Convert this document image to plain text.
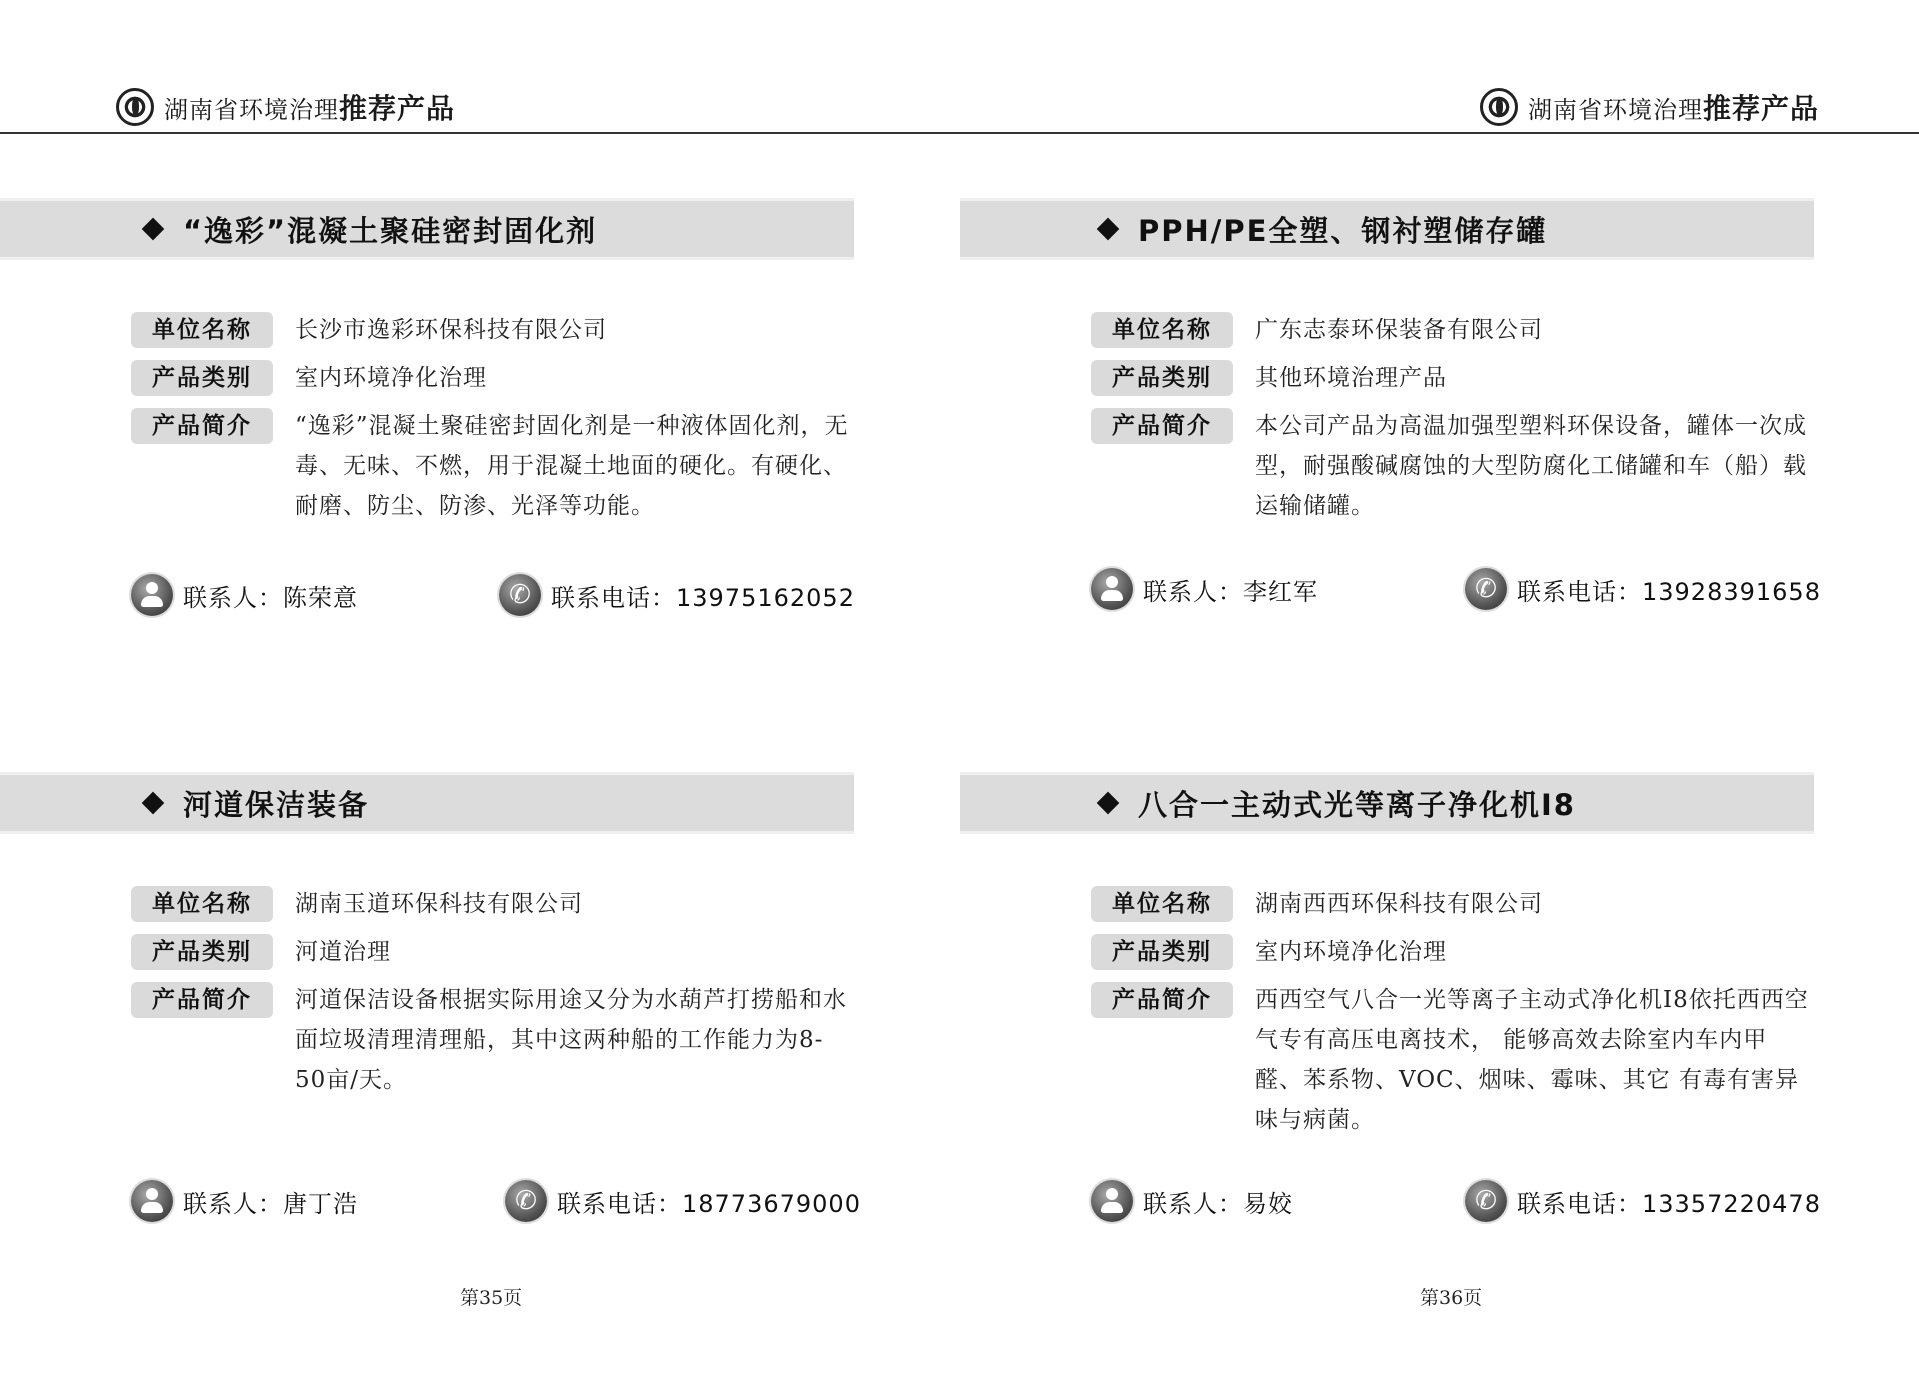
湖南省环境治理推荐产品	湖南省环境治理推荐产品
“逸彩”混凝土聚硅密封固化剂
单位名称	长沙市逸彩环保科技有限公司
产品类别	室内环境净化治理
产品简介	“逸彩”混凝土聚硅密封固化剂是一种液体固化剂，无毒、无味、不燃，用于混凝土地面的硬化。有硬化、耐磨、防尘、防渗、光泽等功能。
联系人：陈荣意 ✆	联系电话：13975162052
PPH/PE全塑、钢衬塑储存罐
单位名称	广东志泰环保装备有限公司
产品类别	其他环境治理产品
产品简介	本公司产品为高温加强型塑料环保设备，罐体一次成型，耐强酸碱腐蚀的大型防腐化工储罐和车（船）载运输储罐。
联系人：李红军 ✆	联系电话：13928391658
河道保洁装备
单位名称	湖南玉道环保科技有限公司
产品类别	河道治理
产品简介	河道保洁设备根据实际用途又分为水葫芦打捞船和水面垃圾清理清理船，其中这两种船的工作能力为8-50亩/天。
联系人：唐丁浩 ✆	联系电话：18773679000
八合一主动式光等离子净化机I8
单位名称	湖南西西环保科技有限公司
产品类别	室内环境净化治理
产品简介	西西空气八合一光等离子主动式净化机I8依托西西空气专有高压电离技术， 能够高效去除室内车内甲醛、苯系物、VOC、烟味、霉味、其它 有毒有害异味与病菌。
联系人：易姣 ✆	联系电话：13357220478
第35页	第36页
